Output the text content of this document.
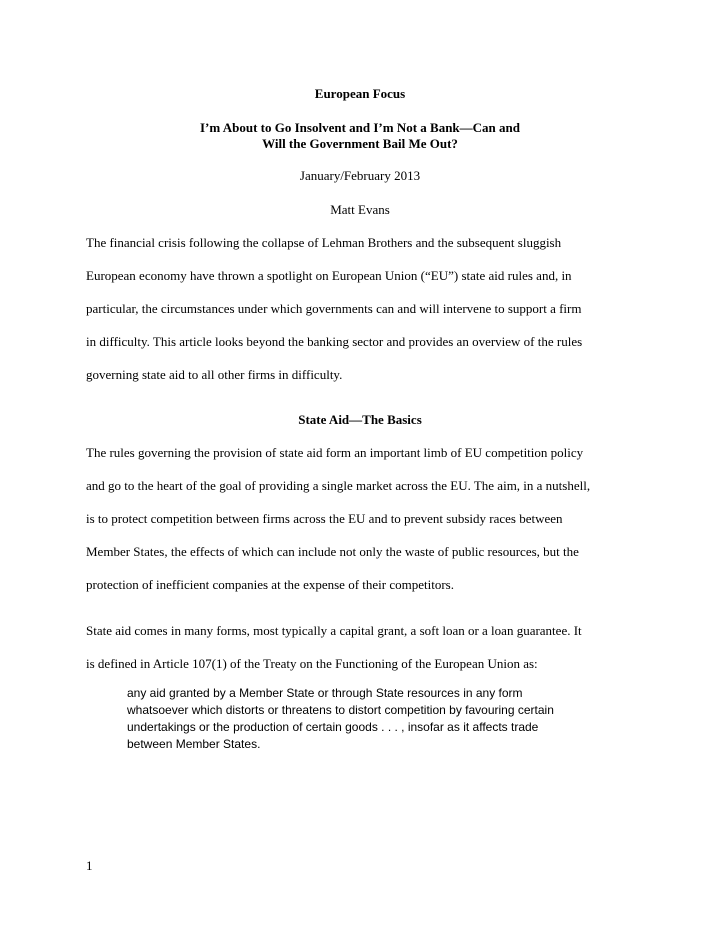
European Focus
I’m About to Go Insolvent and I’m Not a Bank—Can and
Will the Government Bail Me Out?
January/February 2013
Matt Evans
The financial crisis following the collapse of Lehman Brothers and the subsequent sluggish
European economy have thrown a spotlight on European Union (“EU”) state aid rules and, in
particular, the circumstances under which governments can and will intervene to support a firm
in difficulty. This article looks beyond the banking sector and provides an overview of the rules
governing state aid to all other firms in difficulty.
State Aid—The Basics
The rules governing the provision of state aid form an important limb of EU competition policy
and go to the heart of the goal of providing a single market across the EU. The aim, in a nutshell,
is to protect competition between firms across the EU and to prevent subsidy races between
Member States, the effects of which can include not only the waste of public resources, but the
protection of inefficient companies at the expense of their competitors.
State aid comes in many forms, most typically a capital grant, a soft loan or a loan guarantee. It
is defined in Article 107(1) of the Treaty on the Functioning of the European Union as:
any aid granted by a Member State or through State resources in any form
whatsoever which distorts or threatens to distort competition by favouring certain
undertakings or the production of certain goods . . . , insofar as it affects trade
between Member States.
1
